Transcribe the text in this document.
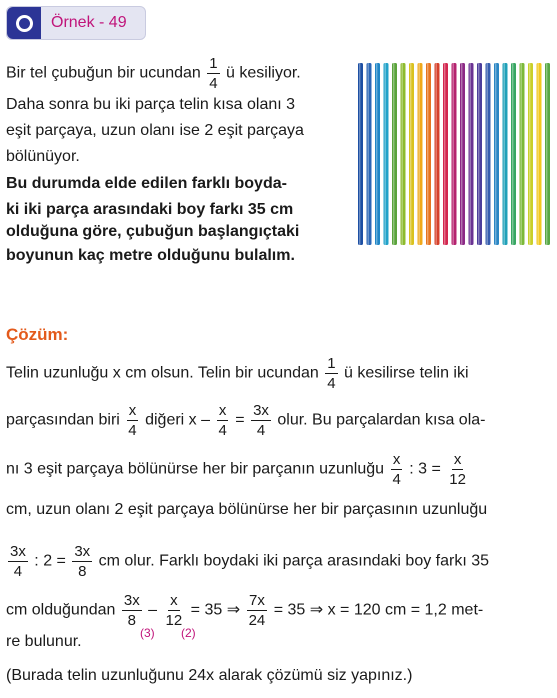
Örnek - 49
Bir tel çubuğun bir ucundan $\frac{1}{4}$ ü kesiliyor.
Daha sonra bu iki parça telin kısa olanı 3
eşit parçaya, uzun olanı ise 2 eşit parçaya
bölünüyor.
Bu durumda elde edilen farklı boyda-
ki iki parça arasındaki boy farkı 35 cm
olduğuna göre, çubuğun başlangıçtaki
boyunun kaç metre olduğunu bulalım.
Çözüm:
Telin uzunluğu x cm olsun. Telin bir ucundan $\frac{1}{4}$ ü kesilirse telin iki
parçasından biri $\frac{x}{4}$ diğeri $x - \frac{x}{4} = \frac{3x}{4}$ olur. Bu parçalardan kısa ola-
nı 3 eşit parçaya bölünürse her bir parçanın uzunluğu $\frac{x}{4}$ : $3 = \frac{x}{12}$
cm, uzun olanı 2 eşit parçaya bölünürse her bir parçasının uzunluğu
$\frac{3x}{4}$ : $2 = \frac{3x}{8}$ cm olur. Farklı boydaki iki parça arasındaki boy farkı 35
cm olduğundan $\frac{3x}{8} - \frac{x}{12} = 35$ ⇒ $\frac{7x}{24} = 35$ ⇒ x = 120 cm = 1,2 met-
(3) (2)
re bulunur.
(Burada telin uzunluğunu 24x alarak çözümü siz yapınız.)
